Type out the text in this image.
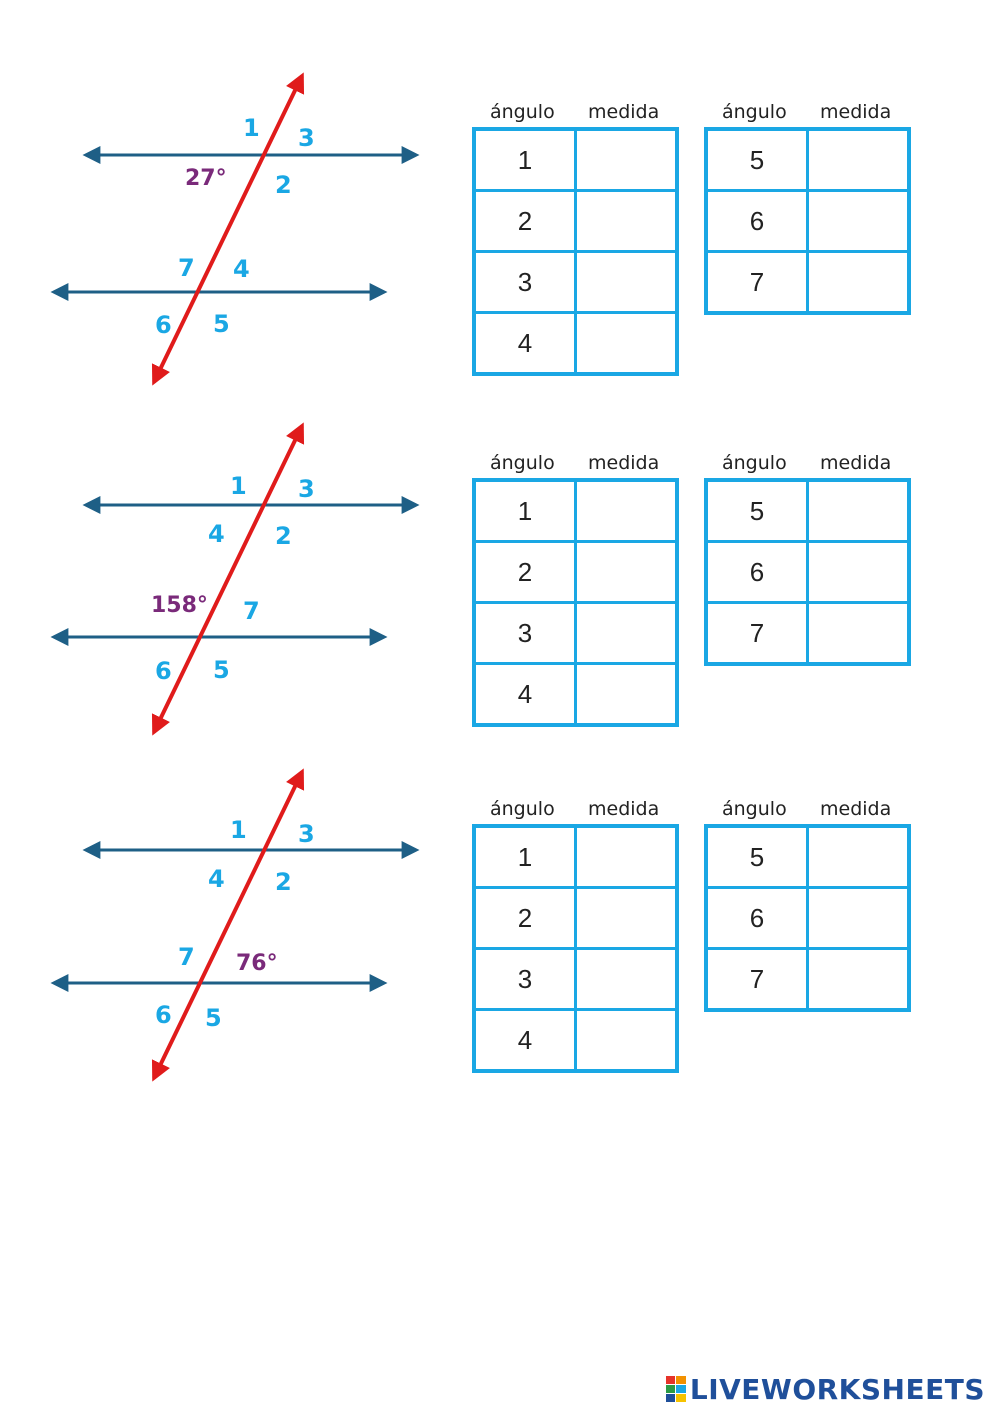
1 3
2
27°
7 4
6 5
ángulo medida
1	
2	
3	
4	
ángulo medida
5	
6	
7	
1 3
4 2
158° 7
6 5
ángulo medida
1	
2	
3	
4	
ángulo medida
5	
6	
7	
1 3
4 2
7 76°
6 5
ángulo medida
1	
2	
3	
4	
ángulo medida
5	
6	
7	
LIVEWORKSHEETS
